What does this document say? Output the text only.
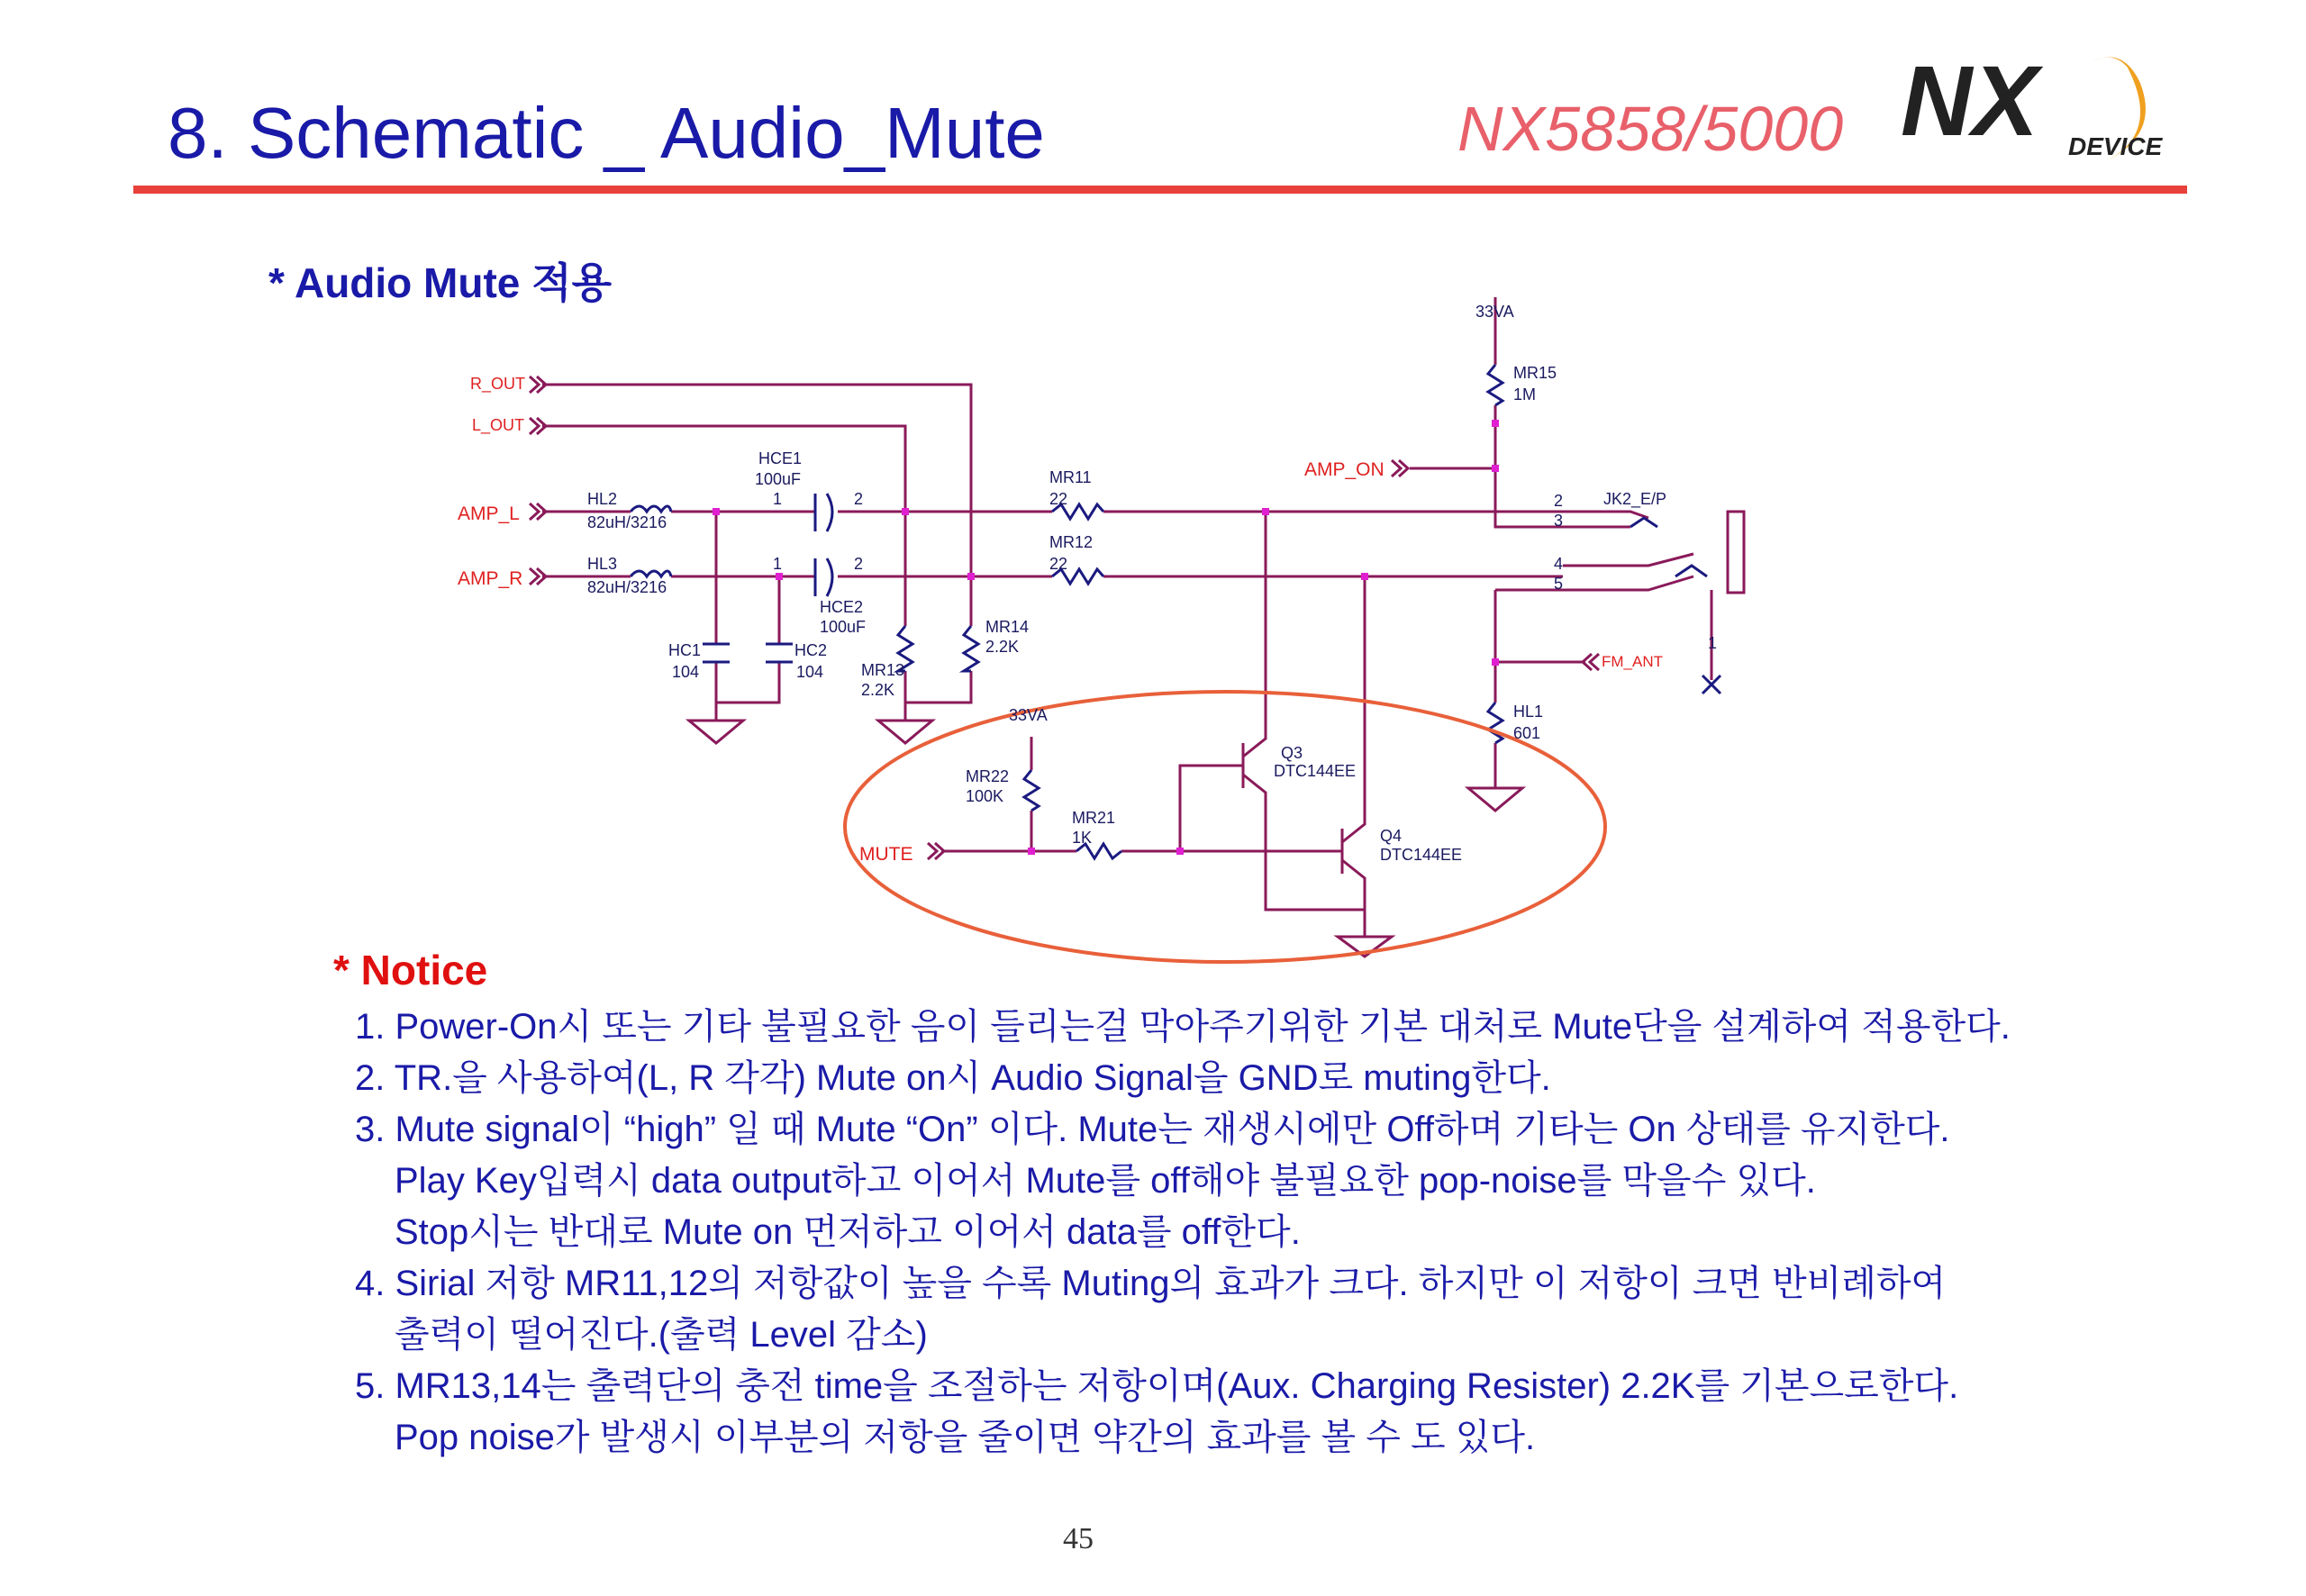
8. Schematic _ Audio_Mute	NX5858/5000 NX DEVICE
* Audio Mute 적용
R_OUT
L_OUT
AMP_L
AMP_R
AMP_ON
FM_ANT
MUTE
HCE1
100uF
HCE2
100uF
HL2
82uH/3216
HL3
82uH/3216
HC1
104
HC2
104
MR11
22
MR12
22
MR13
2.2K
MR14
2.2K
MR15
1M
MR21
1K
MR22
100K
Q3
DTC144EE
Q4
DTC144EE
HL1
601
JK2_E/P
33VA
33VA
1	2
1	2
2
3
4
5
1
* Notice
1. Power-On시 또는 기타 불필요한 음이 들리는걸 막아주기위한 기본 대처로 Mute단을 설계하여 적용한다.
2. TR.을 사용하여(L, R 각각) Mute on시 Audio Signal을 GND로 muting한다.
3. Mute signal이 “high” 일 때 Mute “On” 이다. Mute는 재생시에만 Off하며 기타는 On 상태를 유지한다.
Play Key입력시 data output하고 이어서 Mute를 off해야 불필요한 pop-noise를 막을수 있다.
Stop시는 반대로 Mute on 먼저하고 이어서 data를 off한다.
4. Sirial 저항 MR11,12의 저항값이 높을 수록 Muting의 효과가 크다. 하지만 이 저항이 크면 반비례하여
출력이 떨어진다.(출력 Level 감소)
5. MR13,14는 출력단의 충전 time을 조절하는 저항이며(Aux. Charging Resister) 2.2K를 기본으로한다.
Pop noise가 발생시 이부분의 저항을 줄이면 약간의 효과를 볼 수 도 있다.
45
